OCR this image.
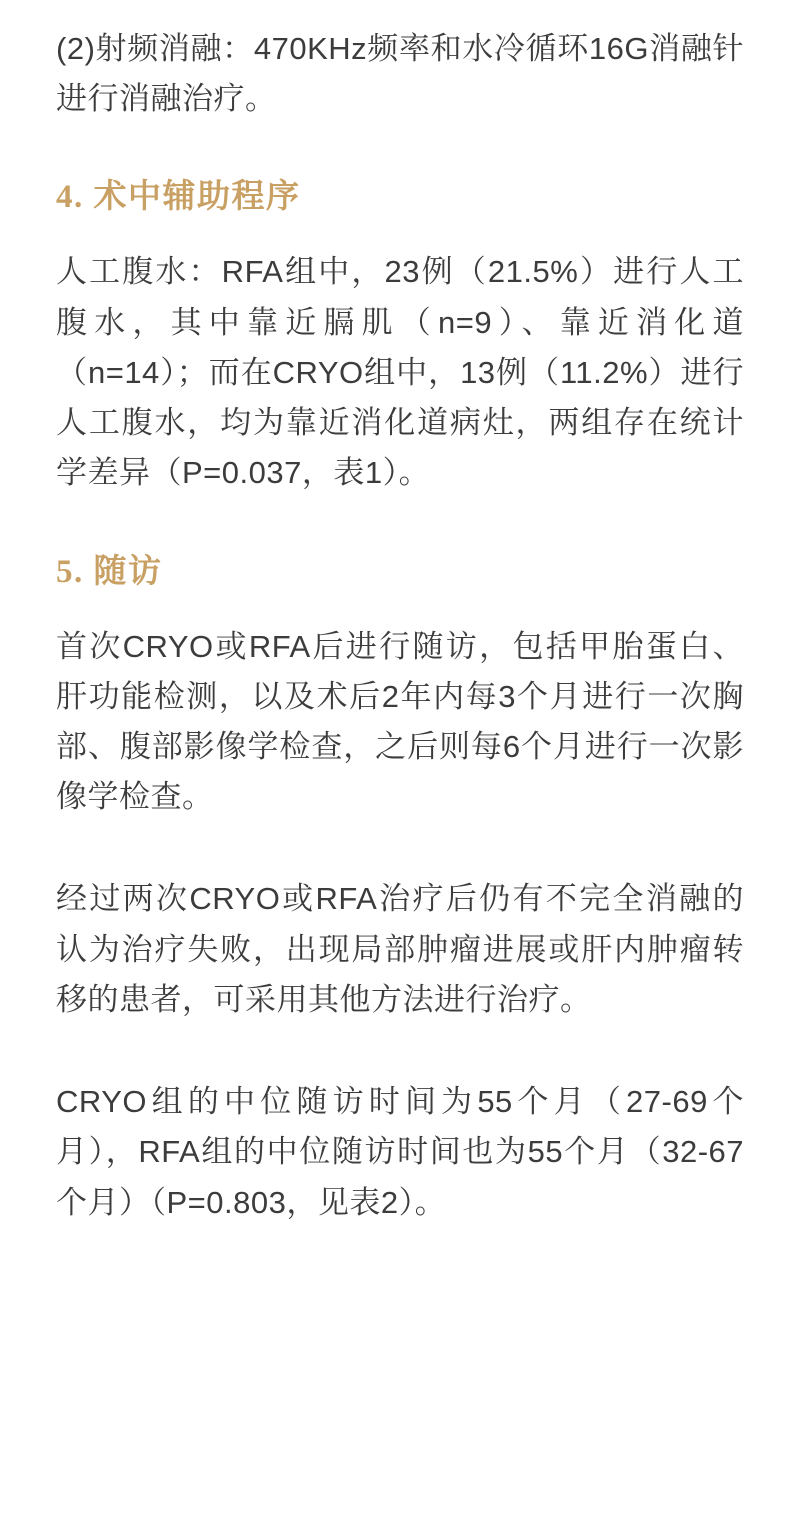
(2)射频消融：470KHz频率和水冷循环16G消融针进行消融治疗。

4. 术中辅助程序

人工腹水：RFA组中，23例（21.5%）进行人工腹水，其中靠近膈肌（n=9）、靠近消化道（n=14）；而在CRYO组中，13例（11.2%）进行人工腹水，均为靠近消化道病灶，两组存在统计学差异（P=0.037，表1）。

5. 随访

首次CRYO或RFA后进行随访，包括甲胎蛋白、肝功能检测，以及术后2年内每3个月进行一次胸部、腹部影像学检查，之后则每6个月进行一次影像学检查。

经过两次CRYO或RFA治疗后仍有不完全消融的认为治疗失败，出现局部肿瘤进展或肝内肿瘤转移的患者，可采用其他方法进行治疗。

CRYO组的中位随访时间为55个月（27-69个月），RFA组的中位随访时间也为55个月（32-67个月）（P=0.803，见表2）。
